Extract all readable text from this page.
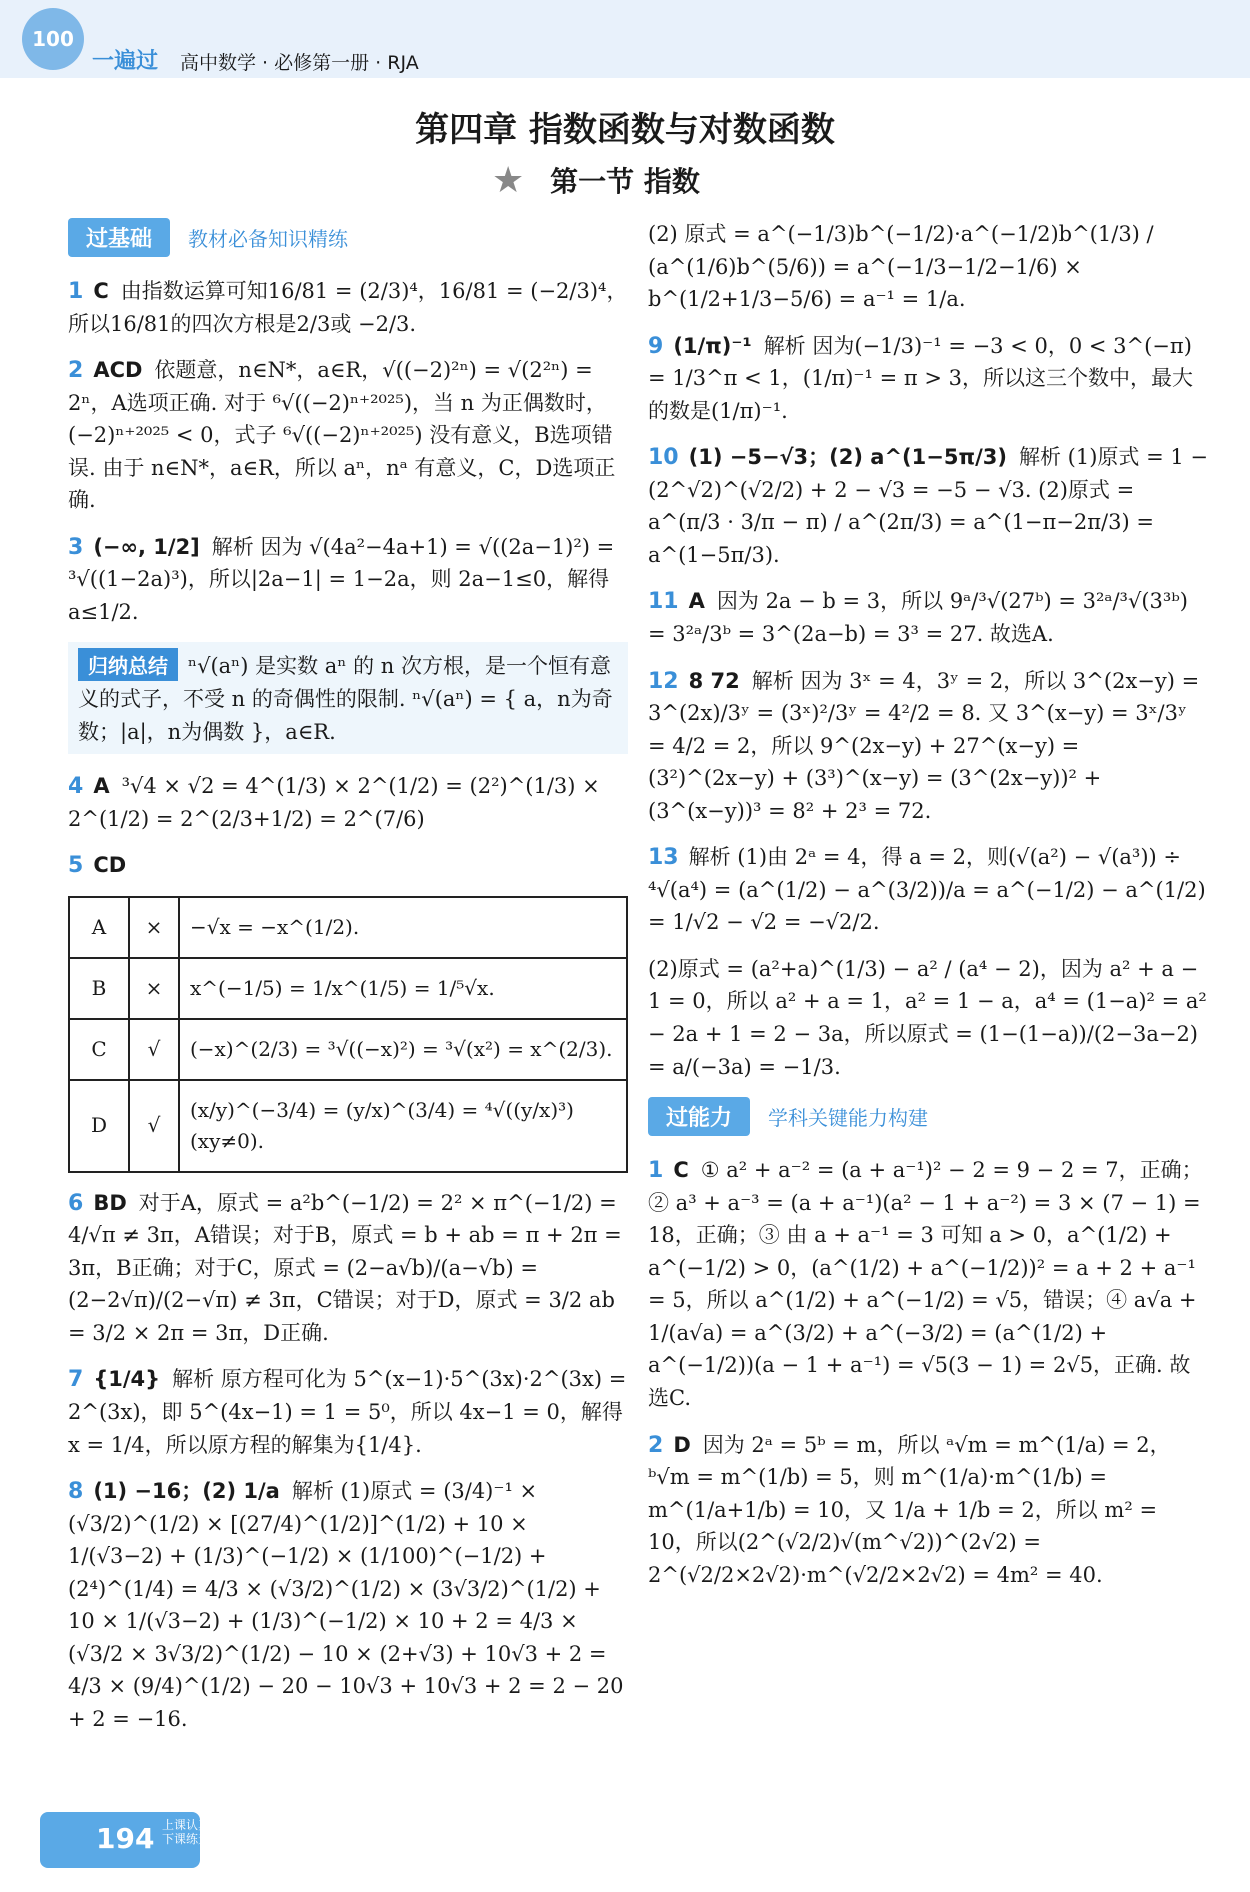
100
一遍过 高中数学 · 必修第一册 · RJA
第四章 指数函数与对数函数
★ 第一节 指数
过基础	教材必备知识精练
1 C 由指数运算可知16/81 = (2/3)⁴，16/81 = (−2/3)⁴，所以16/81的四次方根是2/3或 −2/3.
2 ACD 依题意，n∈N*，a∈R，√((−2)²ⁿ) = √(2²ⁿ) = 2ⁿ，A选项正确. 对于 ⁶√((−2)ⁿ⁺²⁰²⁵)，当 n 为正偶数时，(−2)ⁿ⁺²⁰²⁵ < 0，式子 ⁶√((−2)ⁿ⁺²⁰²⁵) 没有意义，B选项错误. 由于 n∈N*，a∈R，所以 aⁿ，nᵃ 有意义，C，D选项正确.
3 (−∞, 1/2] 解析 因为 √(4a²−4a+1) = √((2a−1)²) = ³√((1−2a)³)，所以|2a−1| = 1−2a，则 2a−1≤0，解得 a≤1/2.
归纳总结 ⁿ√(aⁿ) 是实数 aⁿ 的 n 次方根，是一个恒有意义的式子，不受 n 的奇偶性的限制. ⁿ√(aⁿ) = { a，n为奇数；|a|，n为偶数 }，a∈R.
4 A ³√4 × √2 = 4^(1/3) × 2^(1/2) = (2²)^(1/3) × 2^(1/2) = 2^(2/3+1/2) = 2^(7/6)
5 CD
A	×	−√x = −x^(1/2).
B	×	x^(−1/5) = 1/x^(1/5) = 1/⁵√x.
C	√	(−x)^(2/3) = ³√((−x)²) = ³√(x²) = x^(2/3).
D	√	(x/y)^(−3/4) = (y/x)^(3/4) = ⁴√((y/x)³) (xy≠0).
6 BD 对于A，原式 = a²b^(−1/2) = 2² × π^(−1/2) = 4/√π ≠ 3π，A错误；对于B，原式 = b + ab = π + 2π = 3π，B正确；对于C，原式 = (2−a√b)/(a−√b) = (2−2√π)/(2−√π) ≠ 3π，C错误；对于D，原式 = 3/2 ab = 3/2 × 2π = 3π，D正确.
7 {1/4} 解析 原方程可化为 5^(x−1)·5^(3x)·2^(3x) = 2^(3x)，即 5^(4x−1) = 1 = 5⁰，所以 4x−1 = 0，解得 x = 1/4，所以原方程的解集为{1/4}.
8 (1) −16；(2) 1/a 解析 (1)原式 = (3/4)⁻¹ × (√3/2)^(1/2) × [(27/4)^(1/2)]^(1/2) + 10 × 1/(√3−2) + (1/3)^(−1/2) × (1/100)^(−1/2) + (2⁴)^(1/4) = 4/3 × (√3/2)^(1/2) × (3√3/2)^(1/2) + 10 × 1/(√3−2) + (1/3)^(−1/2) × 10 + 2 = 4/3 × (√3/2 × 3√3/2)^(1/2) − 10 × (2+√3) + 10√3 + 2 = 4/3 × (9/4)^(1/2) − 20 − 10√3 + 10√3 + 2 = 2 − 20 + 2 = −16.
(2) 原式 = a^(−1/3)b^(−1/2)·a^(−1/2)b^(1/3) / (a^(1/6)b^(5/6)) = a^(−1/3−1/2−1/6) × b^(1/2+1/3−5/6) = a⁻¹ = 1/a.
9 (1/π)⁻¹ 解析 因为(−1/3)⁻¹ = −3 < 0，0 < 3^(−π) = 1/3^π < 1，(1/π)⁻¹ = π > 3，所以这三个数中，最大的数是(1/π)⁻¹.
10 (1) −5−√3；(2) a^(1−5π/3) 解析 (1)原式 = 1 − (2^√2)^(√2/2) + 2 − √3 = −5 − √3. (2)原式 = a^(π/3 · 3/π − π) / a^(2π/3) = a^(1−π−2π/3) = a^(1−5π/3).
11 A 因为 2a − b = 3，所以 9ᵃ/³√(27ᵇ) = 3²ᵃ/³√(3³ᵇ) = 3²ᵃ/3ᵇ = 3^(2a−b) = 3³ = 27. 故选A.
12 8 72 解析 因为 3ˣ = 4，3ʸ = 2，所以 3^(2x−y) = 3^(2x)/3ʸ = (3ˣ)²/3ʸ = 4²/2 = 8. 又 3^(x−y) = 3ˣ/3ʸ = 4/2 = 2，所以 9^(2x−y) + 27^(x−y) = (3²)^(2x−y) + (3³)^(x−y) = (3^(2x−y))² + (3^(x−y))³ = 8² + 2³ = 72.
13 解析 (1)由 2ᵃ = 4，得 a = 2，则(√(a²) − √(a³)) ÷ ⁴√(a⁴) = (a^(1/2) − a^(3/2))/a = a^(−1/2) − a^(1/2) = 1/√2 − √2 = −√2/2.
(2)原式 = (a²+a)^(1/3) − a² / (a⁴ − 2)，因为 a² + a − 1 = 0，所以 a² + a = 1，a² = 1 − a，a⁴ = (1−a)² = a² − 2a + 1 = 2 − 3a，所以原式 = (1−(1−a))/(2−3a−2) = a/(−3a) = −1/3.
过能力	学科关键能力构建
1 C ① a² + a⁻² = (a + a⁻¹)² − 2 = 9 − 2 = 7，正确；② a³ + a⁻³ = (a + a⁻¹)(a² − 1 + a⁻²) = 3 × (7 − 1) = 18，正确；③ 由 a + a⁻¹ = 3 可知 a > 0，a^(1/2) + a^(−1/2) > 0，(a^(1/2) + a^(−1/2))² = a + 2 + a⁻¹ = 5，所以 a^(1/2) + a^(−1/2) = √5，错误；④ a√a + 1/(a√a) = a^(3/2) + a^(−3/2) = (a^(1/2) + a^(−1/2))(a − 1 + a⁻¹) = √5(3 − 1) = 2√5，正确. 故选C.
2 D 因为 2ᵃ = 5ᵇ = m，所以 ᵃ√m = m^(1/a) = 2，ᵇ√m = m^(1/b) = 5，则 m^(1/a)·m^(1/b) = m^(1/a+1/b) = 10，又 1/a + 1/b = 2，所以 m² = 10，所以(2^(√2/2)√(m^√2))^(2√2) = 2^(√2/2×2√2)·m^(√2/2×2√2) = 4m² = 40.
194 上课认真听 下课练天星
